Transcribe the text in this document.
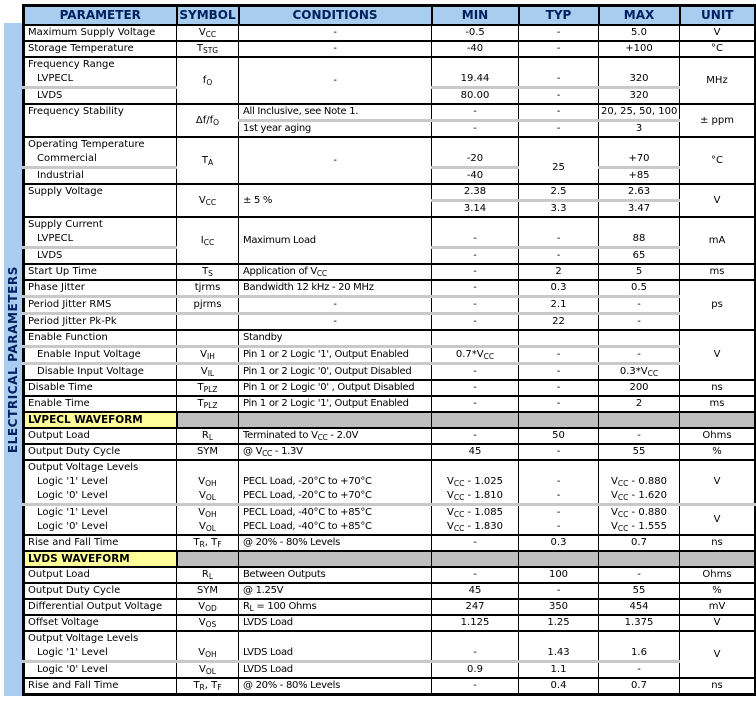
ELECTRICAL PARAMETERS
PARAMETER	SYMBOL	CONDITIONS	MIN	TYP	MAX	UNIT
Maximum Supply Voltage	$V_{CC}$	-	-0.5	-	5.0	V
Storage Temperature	$T_{STG}$	-	-40	-	+100	°C
Frequency Range	$f_O$	-				MHz
LVPECL			19.44	-	320	
LVDS			80.00	-	320	
Frequency Stability	$\Delta f/f_O$	All Inclusive, see Note 1.	-	-	20, 25, 50, 100	± ppm
		1st year aging	-	-	3	
Operating Temperature	$T_A$	-				°C
Commercial			-20	25	+70	
Industrial			-40		+85	
Supply Voltage	$V_{CC}$	± 5 %	2.38	2.5	2.63	V
			3.14	3.3	3.47	
Supply Current	$I_{CC}$	Maximum Load				mA
LVPECL			-	-	88	
LVDS			-	-	65	
Start Up Time	$T_S$	Application of $V_{CC}$	-	2	5	ms
Phase Jitter	tjrms	Bandwidth 12 kHz - 20 MHz	-	0.3	0.5	ps
Period Jitter RMS	pjrms	-	-	2.1	-	
Period Jitter Pk-Pk		-	-	22	-	
Enable Function		Standby				V
Enable Input Voltage	$V_{IH}$	Pin 1 or 2 Logic '1', Output Enabled	$0.7*V_{CC}$	-	-	
Disable Input Voltage	$V_{IL}$	Pin 1 or 2 Logic '0', Output Disabled	-	-	$0.3*V_{CC}$
Disable Time	$T_{PLZ}$	Pin 1 or 2 Logic '0' , Output Disabled	-	-	200	ns
Enable Time	$T_{PLZ}$	Pin 1 or 2 Logic '1', Output Enabled	-	-	2	ms
LVPECL WAVEFORM						
Output Load	$R_L$	Terminated to $V_{CC} - 2.0V$	-	50	-	Ohms
Output Duty Cycle	SYM	@ $V_{CC} - 1.3V$	45	-	55	%
Output Voltage Levels						V
Logic '1' Level	$V_{OH}$	PECL Load, -20°C to +70°C	$V_{CC} - 1.025$	-	$V_{CC} - 0.880$	
Logic '0' Level	$V_{OL}$	PECL Load, -20°C to +70°C	$V_{CC} - 1.810$	-	$V_{CC} - 1.620$	
Logic '1' Level	$V_{OH}$	PECL Load, -40°C to +85°C	$V_{CC} - 1.085$	-	$V_{CC} - 0.880$	V
Logic '0' Level	$V_{OL}$	PECL Load, -40°C to +85°C	$V_{CC} - 1.830$	-	$V_{CC} - 1.555$	
Rise and Fall Time	$T_R$, $T_F$	@ 20% - 80% Levels	-	0.3	0.7	ns
LVDS WAVEFORM						
Output Load	$R_L$	Between Outputs	-	100	-	Ohms
Output Duty Cycle	SYM	@ 1.25V	45	-	55	%
Differential Output Voltage	$V_{OD}$	$R_L = 100$ Ohms	247	350	454	mV
Offset Voltage	$V_{OS}$	LVDS Load	1.125	1.25	1.375	V
Output Voltage Levels						V
Logic '1' Level	$V_{OH}$	LVDS Load	-	1.43	1.6	
Logic '0' Level	$V_{OL}$	LVDS Load	0.9	1.1	-	
Rise and Fall Time	$T_R$, $T_F$	@ 20% - 80% Levels	-	0.4	0.7	ns
